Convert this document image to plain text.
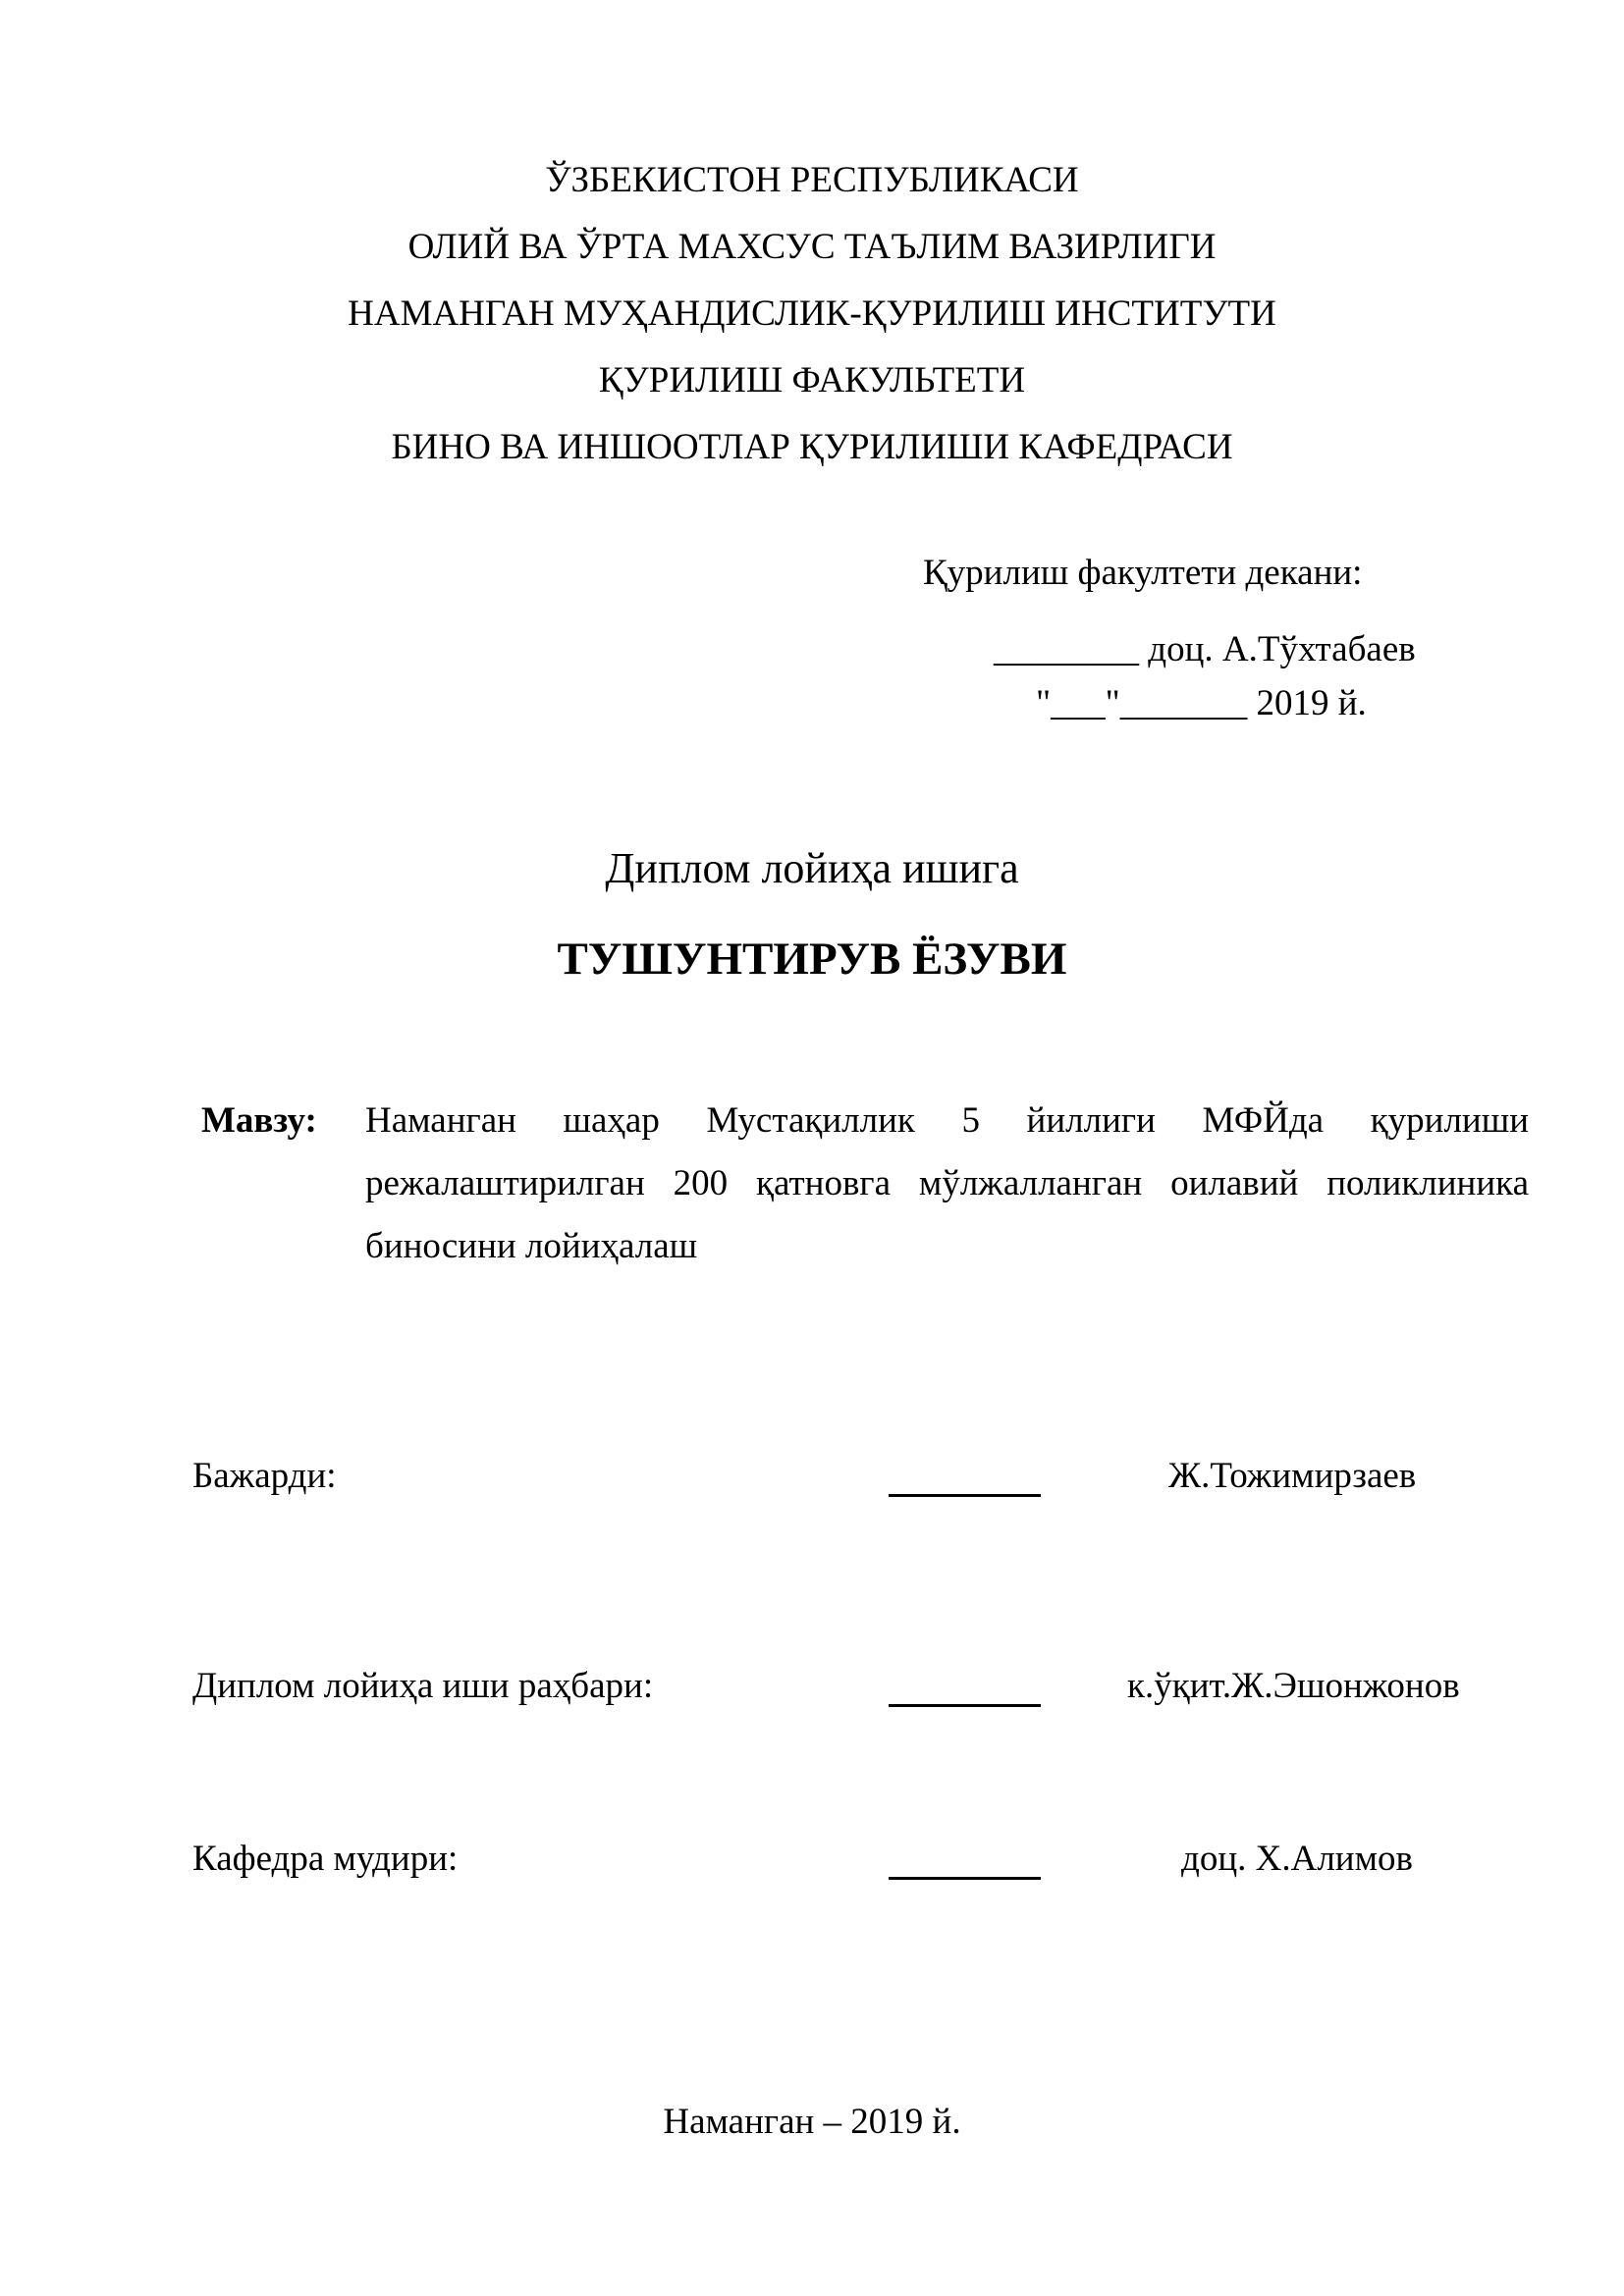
ЎЗБЕКИСТОН РЕСПУБЛИКАСИ
ОЛИЙ ВА ЎРТА МАХСУС ТАЪЛИМ ВАЗИРЛИГИ
НАМАНГАН МУҲАНДИСЛИК-ҚУРИЛИШ ИНСТИТУТИ
ҚУРИЛИШ ФАКУЛЬТЕТИ
БИНО ВА ИНШООТЛАР ҚУРИЛИШИ КАФЕДРАСИ
Қурилиш факултети декани:
________ доц. А.Тўхтабаев
"___"_______ 2019 й.
Диплом лойиҳа ишига
ТУШУНТИРУВ ЁЗУВИ
Мавзу: Наманган шаҳар Мустақиллик 5 йиллиги МФЙда қурилиши режалаштирилган 200 қатновга мўлжалланган оилавий поликлиника биносини лойиҳалаш
Бажарди:	Ж.Тожимирзаев
Диплом лойиҳа иши раҳбари:	к.ўқит.Ж.Эшонжонов
Кафедра мудири:	доц. Х.Алимов
Наманган – 2019 й.
